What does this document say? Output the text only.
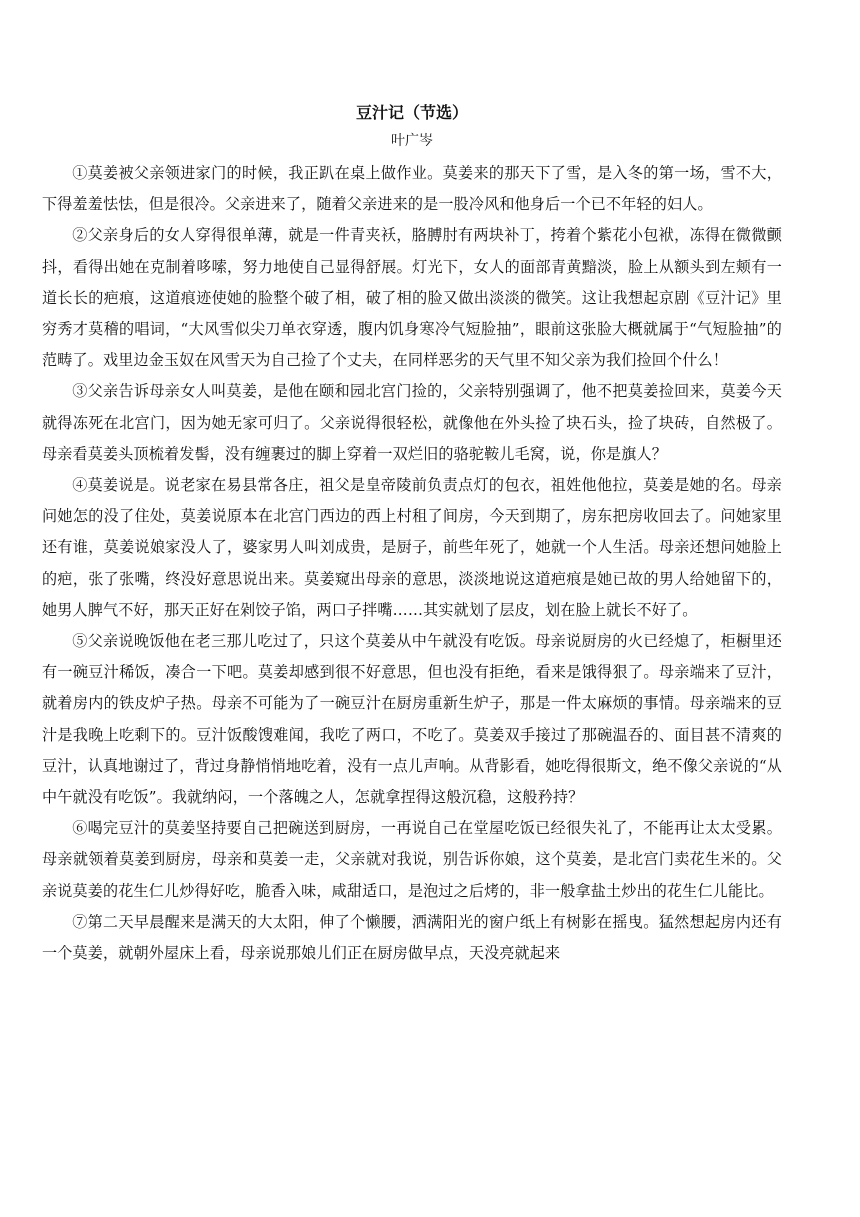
豆汁记（节选）
叶广岑

①莫姜被父亲领进家门的时候，我正趴在桌上做作业。莫姜来的那天下了雪，是入冬的第一场，雪不大，下得羞羞怯怯，但是很冷。父亲进来了，随着父亲进来的是一股冷风和他身后一个已不年轻的妇人。

②父亲身后的女人穿得很单薄，就是一件青夹袄，胳膊肘有两块补丁，挎着个紫花小包袱，冻得在微微颤抖，看得出她在克制着哆嗦，努力地使自己显得舒展。灯光下，女人的面部青黄黯淡，脸上从额头到左颊有一道长长的疤痕，这道痕迹使她的脸整个破了相，破了相的脸又做出淡淡的微笑。这让我想起京剧《豆汁记》里穷秀才莫稽的唱词，“大风雪似尖刀单衣穿透，腹内饥身寒冷气短脸抽”，眼前这张脸大概就属于“气短脸抽”的范畴了。戏里边金玉奴在风雪天为自己捡了个丈夫，在同样恶劣的天气里不知父亲为我们捡回个什么！

③父亲告诉母亲女人叫莫姜，是他在颐和园北宫门捡的，父亲特别强调了，他不把莫姜捡回来，莫姜今天就得冻死在北宫门，因为她无家可归了。父亲说得很轻松，就像他在外头捡了块石头，捡了块砖，自然极了。母亲看莫姜头顶梳着发髻，没有缠裹过的脚上穿着一双烂旧的骆驼鞍儿毛窝，说，你是旗人？

④莫姜说是。说老家在易县常各庄，祖父是皇帝陵前负责点灯的包衣，祖姓他他拉，莫姜是她的名。母亲问她怎的没了住处，莫姜说原本在北宫门西边的西上村租了间房，今天到期了，房东把房收回去了。问她家里还有谁，莫姜说娘家没人了，婆家男人叫刘成贵，是厨子，前些年死了，她就一个人生活。母亲还想问她脸上的疤，张了张嘴，终没好意思说出来。莫姜窥出母亲的意思，淡淡地说这道疤痕是她已故的男人给她留下的，她男人脾气不好，那天正好在剁饺子馅，两口子拌嘴……其实就划了层皮，划在脸上就长不好了。

⑤父亲说晚饭他在老三那儿吃过了，只这个莫姜从中午就没有吃饭。母亲说厨房的火已经熄了，柜橱里还有一碗豆汁稀饭，凑合一下吧。莫姜却感到很不好意思，但也没有拒绝，看来是饿得狠了。母亲端来了豆汁，就着房内的铁皮炉子热。母亲不可能为了一碗豆汁在厨房重新生炉子，那是一件太麻烦的事情。母亲端来的豆汁是我晚上吃剩下的。豆汁饭酸馊难闻，我吃了两口，不吃了。莫姜双手接过了那碗温吞的、面目甚不清爽的豆汁，认真地谢过了，背过身静悄悄地吃着，没有一点儿声响。从背影看，她吃得很斯文，绝不像父亲说的“从中午就没有吃饭”。我就纳闷，一个落魄之人，怎就拿捏得这般沉稳，这般矜持？

⑥喝完豆汁的莫姜坚持要自己把碗送到厨房，一再说自己在堂屋吃饭已经很失礼了，不能再让太太受累。母亲就领着莫姜到厨房，母亲和莫姜一走，父亲就对我说，别告诉你娘，这个莫姜，是北宫门卖花生米的。父亲说莫姜的花生仁儿炒得好吃，脆香入味，咸甜适口，是泡过之后烤的，非一般拿盐土炒出的花生仁儿能比。

⑦第二天早晨醒来是满天的大太阳，伸了个懒腰，洒满阳光的窗户纸上有树影在摇曳。猛然想起房内还有一个莫姜，就朝外屋床上看，母亲说那娘儿们正在厨房做早点，天没亮就起来
